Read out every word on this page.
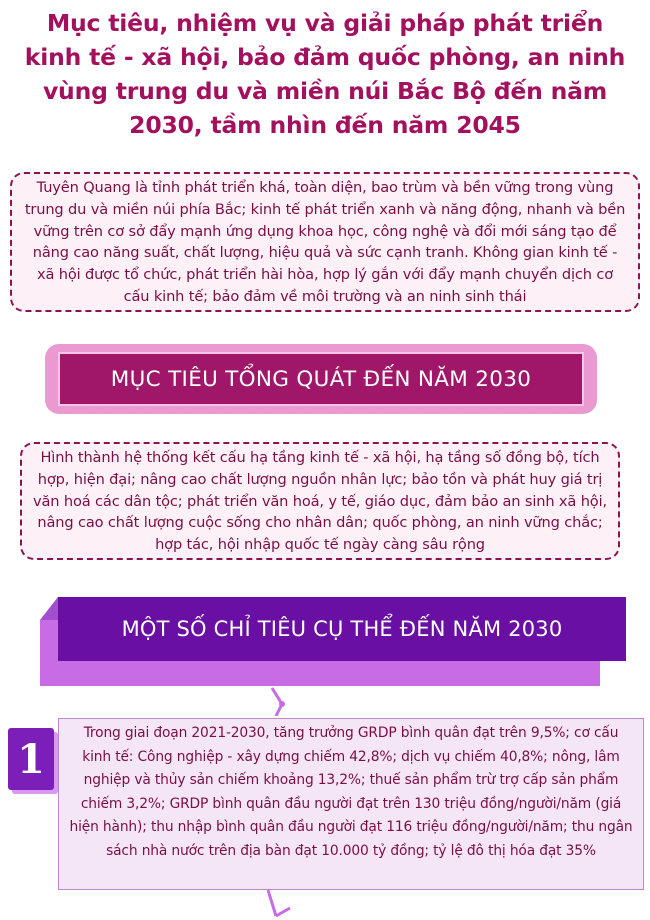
Mục tiêu, nhiệm vụ và giải pháp phát triển kinh tế - xã hội, bảo đảm quốc phòng, an ninh vùng trung du và miền núi Bắc Bộ đến năm 2030, tầm nhìn đến năm 2045
Tuyên Quang là tỉnh phát triển khá, toàn diện, bao trùm và bền vững trong vùng trung du và miền núi phía Bắc; kinh tế phát triển xanh và năng động, nhanh và bền vững trên cơ sở đẩy mạnh ứng dụng khoa học, công nghệ và đổi mới sáng tạo để nâng cao năng suất, chất lượng, hiệu quả và sức cạnh tranh. Không gian kinh tế - xã hội được tổ chức, phát triển hài hòa, hợp lý gắn với đẩy mạnh chuyển dịch cơ cấu kinh tế; bảo đảm về môi trường và an ninh sinh thái
MỤC TIÊU TỔNG QUÁT ĐẾN NĂM 2030
Hình thành hệ thống kết cấu hạ tầng kinh tế - xã hội, hạ tầng số đồng bộ, tích hợp, hiện đại; nâng cao chất lượng nguồn nhân lực; bảo tồn và phát huy giá trị văn hoá các dân tộc; phát triển văn hoá, y tế, giáo dục, đảm bảo an sinh xã hội, nâng cao chất lượng cuộc sống cho nhân dân; quốc phòng, an ninh vững chắc; hợp tác, hội nhập quốc tế ngày càng sâu rộng
MỘT SỐ CHỈ TIÊU CỤ THỂ ĐẾN NĂM 2030
1
Trong giai đoạn 2021-2030, tăng trưởng GRDP bình quân đạt trên 9,5%; cơ cấu kinh tế: Công nghiệp - xây dựng chiếm 42,8%; dịch vụ chiếm 40,8%; nông, lâm nghiệp và thủy sản chiếm khoảng 13,2%; thuế sản phẩm trừ trợ cấp sản phẩm chiếm 3,2%; GRDP bình quân đầu người đạt trên 130 triệu đồng/người/năm (giá hiện hành); thu nhập bình quân đầu người đạt 116 triệu đồng/người/năm; thu ngân sách nhà nước trên địa bàn đạt 10.000 tỷ đồng; tỷ lệ đô thị hóa đạt 35%
